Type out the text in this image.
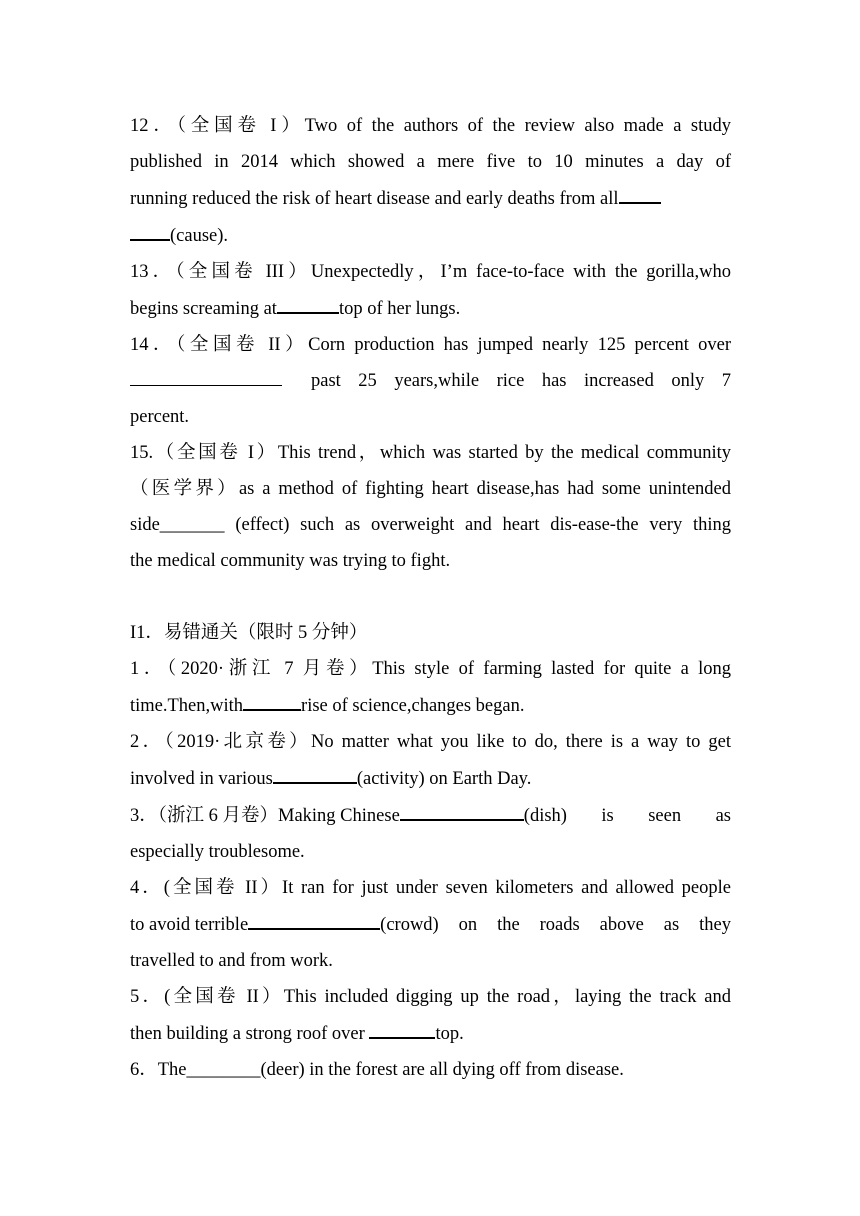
12．（全国卷 I）Two of the authors of the review also made a study
published in 2014 which showed a mere five to 10 minutes a day of
running reduced the risk of heart disease and early deaths from all
(cause).
13．（全国卷 III）Unexpectedly，I’m face-to-face with the gorilla,who
begins screaming at	top of her lungs.
14．（全国卷 II）Corn production has jumped nearly 125 percent over
past 25 years,while rice has increased only 7
percent.
15.（全国卷 I）This trend，which was started by the medical community
（医学界）as a method of fighting heart disease,has had some unintended
side_______ (effect) such as overweight and heart dis-ease-the very thing
the medical community was trying to fight.
I1．易错通关（限时 5 分钟）
1．（2020·浙江 7 月卷）This style of farming lasted for quite a long
time.Then,with	rise of science,changes began.
2．（2019·北京卷）No matter what you like to do, there is a way to get
involved in various	(activity) on Earth Day.
3．（浙江 6 月卷）Making Chinese	(dish) is seen as
especially troublesome.
4．(全国卷 II）It ran for just under seven kilometers and allowed people
to avoid terrible	(crowd) on the roads above as they
travelled to and from work.
5．(全国卷 II）This included digging up the road，laying the track and
then building a strong roof over	top.
6．The________(deer) in the forest are all dying off from disease.
